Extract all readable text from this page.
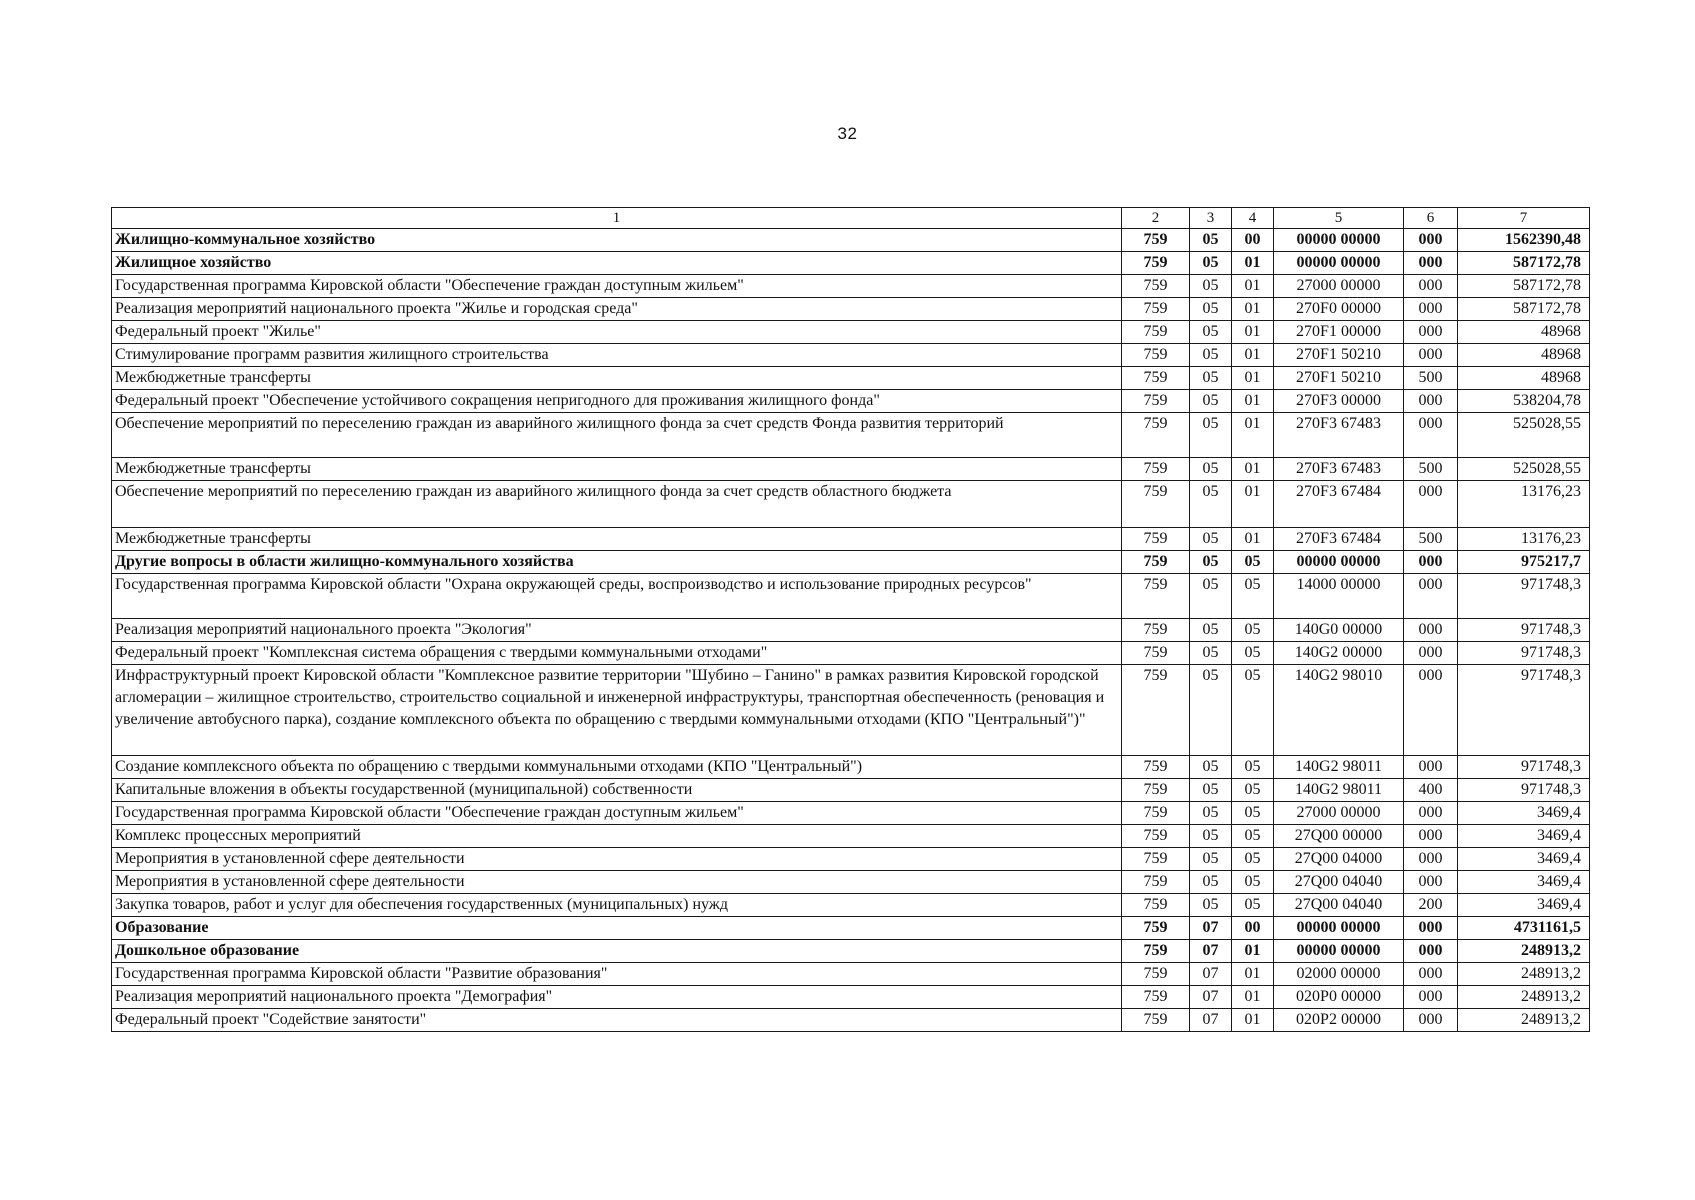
32
1	2	3	4	5	6	7
Жилищно-коммунальное хозяйство	759	05	00	00000 00000	000	1562390,48
Жилищное хозяйство	759	05	01	00000 00000	000	587172,78
Государственная программа Кировской области "Обеспечение граждан доступным жильем"	759	05	01	27000 00000	000	587172,78
Реализация мероприятий национального проекта "Жилье и городская среда"	759	05	01	270F0 00000	000	587172,78
Федеральный проект "Жилье"	759	05	01	270F1 00000	000	48968
Стимулирование программ развития жилищного строительства	759	05	01	270F1 50210	000	48968
Межбюджетные трансферты	759	05	01	270F1 50210	500	48968
Федеральный проект "Обеспечение устойчивого сокращения непригодного для проживания жилищного фонда"	759	05	01	270F3 00000	000	538204,78
Обеспечение мероприятий по переселению граждан из аварийного жилищного фонда за счет средств Фонда развития территорий	759	05	01	270F3 67483	000	525028,55
Межбюджетные трансферты	759	05	01	270F3 67483	500	525028,55
Обеспечение мероприятий по переселению граждан из аварийного жилищного фонда за счет средств областного бюджета	759	05	01	270F3 67484	000	13176,23
Межбюджетные трансферты	759	05	01	270F3 67484	500	13176,23
Другие вопросы в области жилищно-коммунального хозяйства	759	05	05	00000 00000	000	975217,7
Государственная программа Кировской области "Охрана окружающей среды, воспроизводство и использование природных ресурсов"	759	05	05	14000 00000	000	971748,3
Реализация мероприятий национального проекта "Экология"	759	05	05	140G0 00000	000	971748,3
Федеральный проект "Комплексная система обращения с твердыми коммунальными отходами"	759	05	05	140G2 00000	000	971748,3
Инфраструктурный проект Кировской области "Комплексное развитие территории "Шубино – Ганино" в рамках развития Кировской городской агломерации – жилищное строительство, строительство социальной и инженерной инфраструктуры, транспортная обеспеченность (реновация и увеличение автобусного парка), создание комплексного объекта по обращению с твердыми коммунальными отходами (КПО "Центральный")"	759	05	05	140G2 98010	000	971748,3
Создание комплексного объекта по обращению с твердыми коммунальными отходами (КПО "Центральный")	759	05	05	140G2 98011	000	971748,3
Капитальные вложения в объекты государственной (муниципальной) собственности	759	05	05	140G2 98011	400	971748,3
Государственная программа Кировской области "Обеспечение граждан доступным жильем"	759	05	05	27000 00000	000	3469,4
Комплекс процессных мероприятий	759	05	05	27Q00 00000	000	3469,4
Мероприятия в установленной сфере деятельности	759	05	05	27Q00 04000	000	3469,4
Мероприятия в установленной сфере деятельности	759	05	05	27Q00 04040	000	3469,4
Закупка товаров, работ и услуг для обеспечения государственных (муниципальных) нужд	759	05	05	27Q00 04040	200	3469,4
Образование	759	07	00	00000 00000	000	4731161,5
Дошкольное образование	759	07	01	00000 00000	000	248913,2
Государственная программа Кировской области "Развитие образования"	759	07	01	02000 00000	000	248913,2
Реализация мероприятий национального проекта "Демография"	759	07	01	020P0 00000	000	248913,2
Федеральный проект "Содействие занятости"	759	07	01	020P2 00000	000	248913,2
